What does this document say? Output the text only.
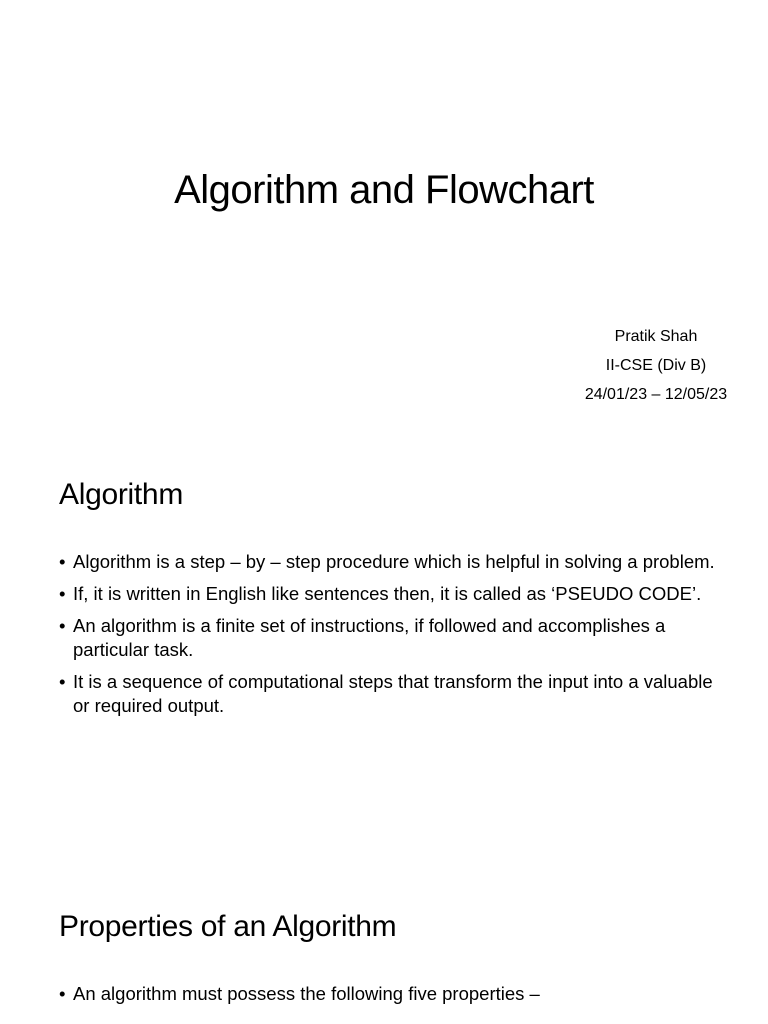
Algorithm and Flowchart
Pratik Shah
II-CSE (Div B)
24/01/23 – 12/05/23
Algorithm
• Algorithm is a step – by – step procedure which is helpful in solving a problem.
• If, it is written in English like sentences then, it is called as ‘PSEUDO CODE’.
• An algorithm is a finite set of instructions, if followed and accomplishes a particular task.
• It is a sequence of computational steps that transform the input into a valuable or required output.
Properties of an Algorithm
• An algorithm must possess the following five properties –
